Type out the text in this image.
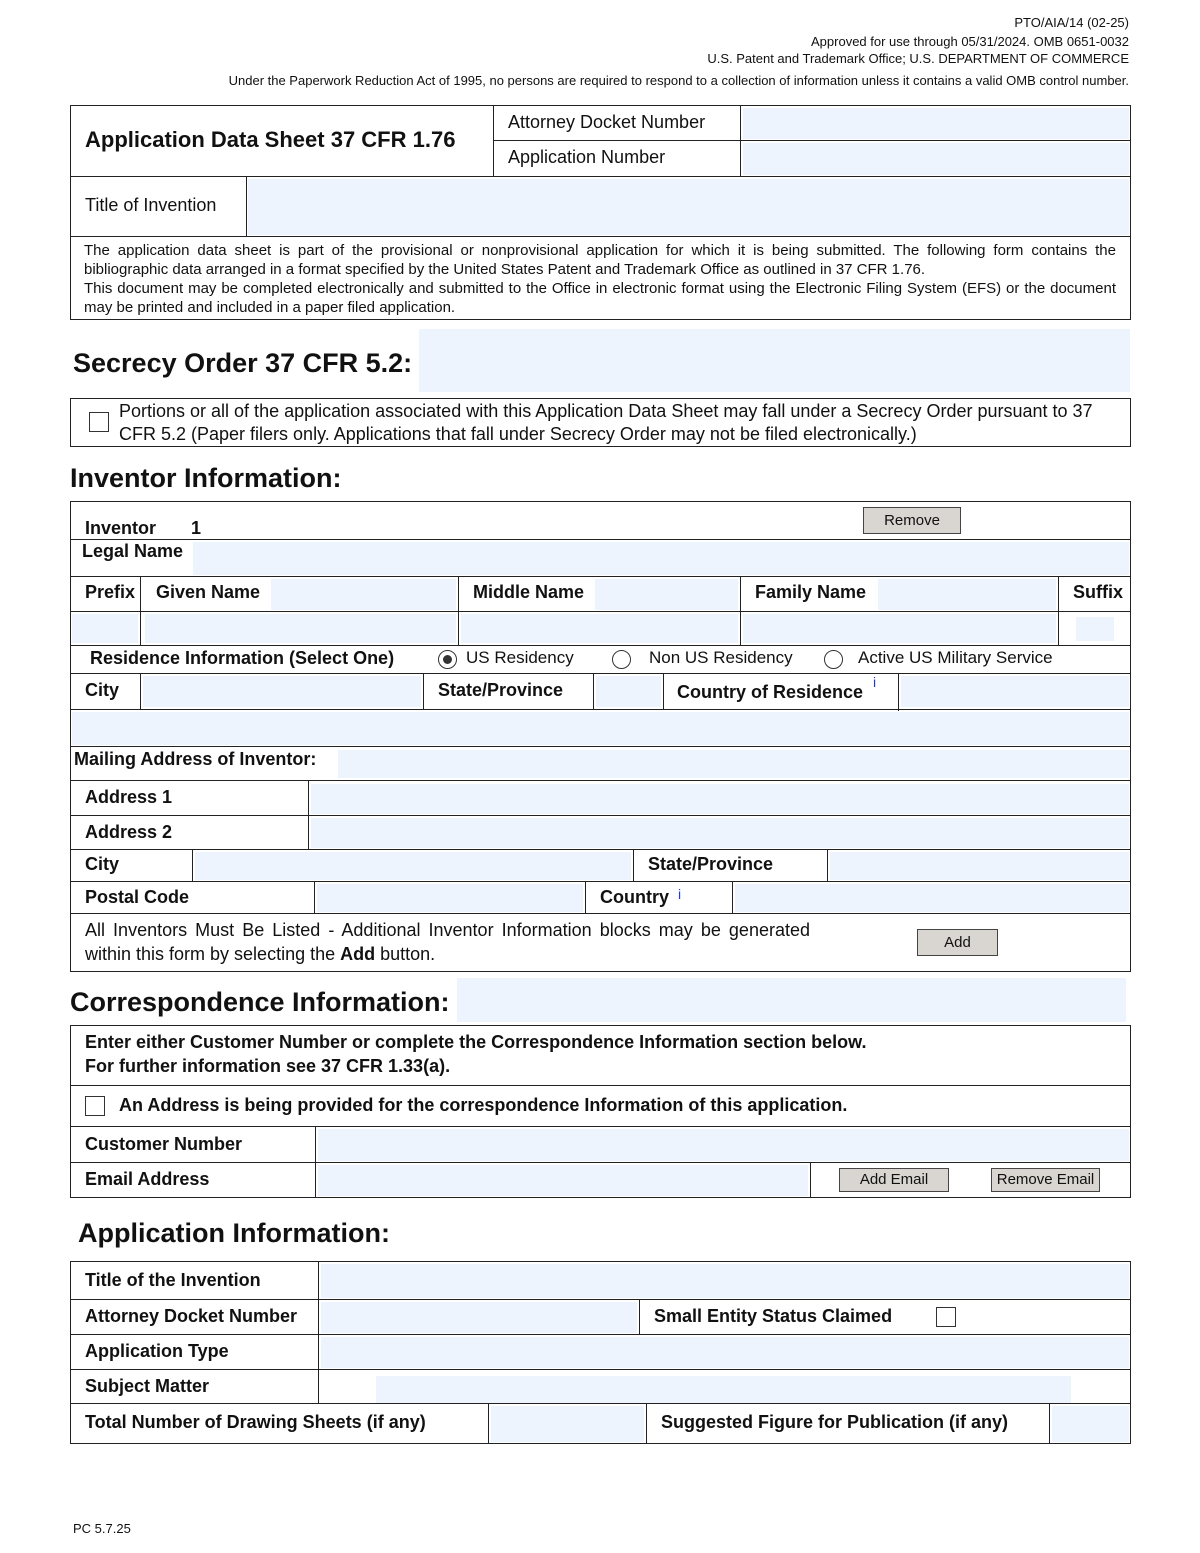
PTO/AIA/14 (02-25)
Approved for use through 05/31/2024. OMB 0651-0032
U.S. Patent and Trademark Office; U.S. DEPARTMENT OF COMMERCE
Under the Paperwork Reduction Act of 1995, no persons are required to respond to a collection of information unless it contains a valid OMB control number.
Application Data Sheet 37 CFR 1.76
Attorney Docket Number
Application Number
Title of Invention
The application data sheet is part of the provisional or nonprovisional application for which it is being submitted. The following form contains the bibliographic data arranged in a format specified by the United States Patent and Trademark Office as outlined in 37 CFR 1.76.
This document may be completed electronically and submitted to the Office in electronic format using the Electronic Filing System (EFS) or the document may be printed and included in a paper filed application.
Secrecy Order 37 CFR 5.2:
Portions or all of the application associated with this Application Data Sheet may fall under a Secrecy Order pursuant to 37 CFR 5.2 (Paper filers only. Applications that fall under Secrecy Order may not be filed electronically.)
Inventor Information:
Inventor 1	Remove
Legal Name
Prefix Given Name	Middle Name	Family Name	Suffix
Residence Information (Select One)	US Residency	Non US Residency	Active US Military Service
City	State/Province	Country of Residence i
Mailing Address of Inventor:
Address 1
Address 2
City	State/Province
Postal Code	Country i
All Inventors Must Be Listed - Additional Inventor Information blocks may be generated within this form by selecting the Add button.
Add
Correspondence Information:
Enter either Customer Number or complete the Correspondence Information section below.
For further information see 37 CFR 1.33(a).
An Address is being provided for the correspondence Information of this application.
Customer Number
Email Address	Add Email	Remove Email
Application Information:
Title of the Invention
Attorney Docket Number	Small Entity Status Claimed
Application Type
Subject Matter
Total Number of Drawing Sheets (if any)	Suggested Figure for Publication (if any)
PC 5.7.25
